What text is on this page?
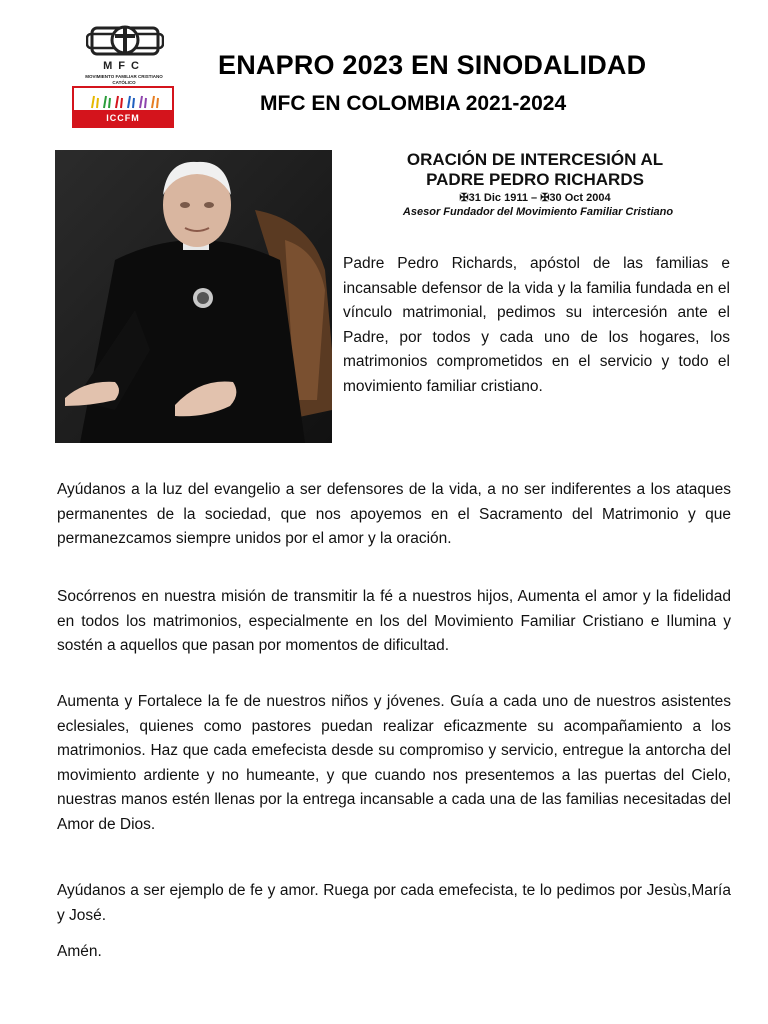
MFC
MOVIMIENTO FAMILIAR CRISTIANO
CATÓLICO
ICCFM
ENAPRO 2023 EN SINODALIDAD
MFC EN COLOMBIA 2021-2024
ORACIÓN DE INTERCESIÓN AL
PADRE PEDRO RICHARDS
✠31 Dic 1911 – ✠30 Oct 2004
Asesor Fundador del Movimiento Familiar Cristiano

Padre Pedro Richards, apóstol de las familias e incansable defensor de la vida y la familia fundada en el vínculo matrimonial, pedimos su intercesión ante el Padre, por todos y cada uno de los hogares, los matrimonios comprometidos en el servicio y todo el movimiento familiar cristiano.

Ayúdanos a la luz del evangelio a ser defensores de la vida, a no ser indiferentes a los ataques permanentes de la sociedad, que nos apoyemos en el Sacramento del Matrimonio y que permanezcamos siempre unidos por el amor y la oración.

Socórrenos en nuestra misión de transmitir la fé a nuestros hijos, Aumenta el amor y la fidelidad en todos los matrimonios, especialmente en los del Movimiento Familiar Cristiano e Ilumina y sostén a aquellos que pasan por momentos de dificultad.

Aumenta y Fortalece la fe de nuestros niños y jóvenes. Guía a cada uno de nuestros asistentes eclesiales, quienes como pastores puedan realizar eficazmente su acompañamiento a los matrimonios. Haz que cada emefecista desde su compromiso y servicio, entregue la antorcha del movimiento ardiente y no humeante, y que cuando nos presentemos a las puertas del Cielo, nuestras manos estén llenas por la entrega incansable a cada una de las familias necesitadas del Amor de Dios.

Ayúdanos a ser ejemplo de fe y amor. Ruega por cada emefecista, te lo pedimos por Jesùs,María y José.

Amén.
